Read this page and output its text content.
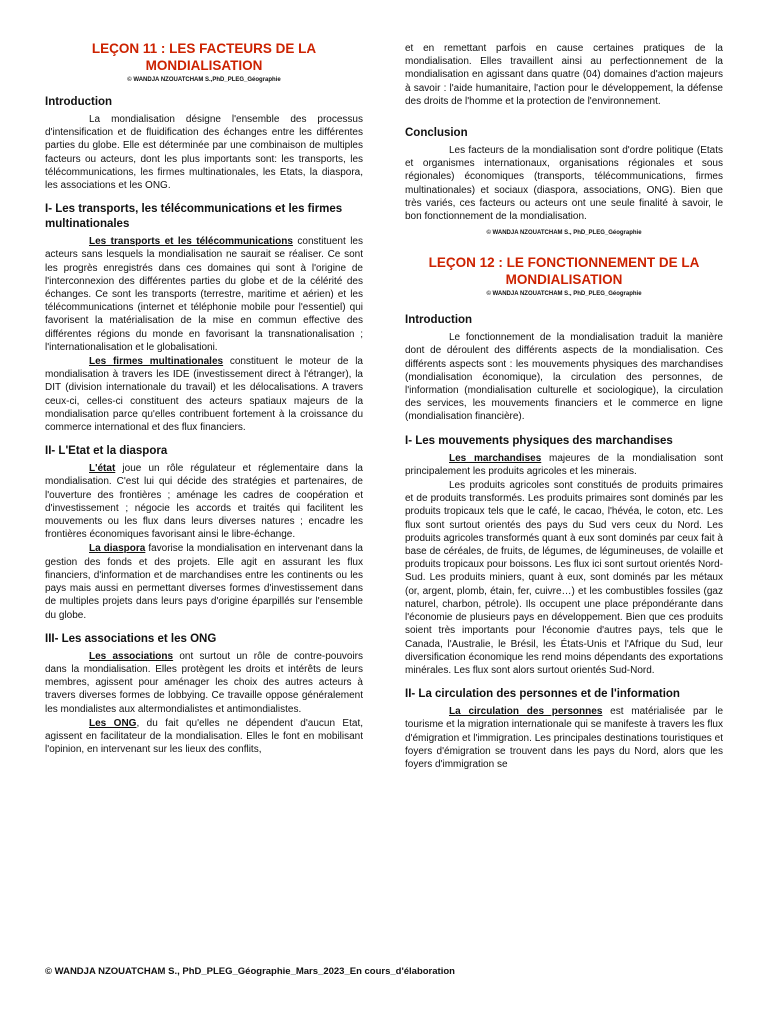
LEÇON 11 : LES FACTEURS DE LA MONDIALISATION
© WANDJA NZOUATCHAM S.,PhD_PLEG_Géographie
Introduction

La mondialisation désigne l'ensemble des processus d'intensification et de fluidification des échanges entre les différentes parties du globe. Elle est déterminée par une combinaison de multiples facteurs ou acteurs, dont les plus importants sont: les transports, les télécommunications, les firmes multinationales, les Etats, la diaspora, les associations et les ONG.

I- Les transports, les télécommunications et les firmes multinationales

Les transports et les télécommunications constituent les acteurs sans lesquels la mondialisation ne saurait se réaliser. Ce sont les progrès enregistrés dans ces domaines qui sont à l'origine de l'interconnexion des différentes parties du globe et de la célérité des échanges. Ce sont les transports (terrestre, maritime et aérien) et les télécommunications (internet et téléphonie mobile pour l'essentiel) qui favorisent la matérialisation de la mise en commun effective des différentes régions du monde en favorisant la transnationalisation ; l'internationalisation et le globalisationi.

Les firmes multinationales constituent le moteur de la mondialisation à travers les IDE (investissement direct à l'étranger), la DIT (division internationale du travail) et les délocalisations. A travers ceux-ci, celles-ci constituent des acteurs spatiaux majeurs de la mondialisation parce qu'elles contribuent fortement à la croissance du commerce international et des flux financiers.

II- L'Etat et la diaspora

L'état joue un rôle régulateur et réglementaire dans la mondialisation. C'est lui qui décide des stratégies et partenaires, de l'ouverture des frontières ; aménage les cadres de coopération et d'investissement ; négocie les accords et traités qui facilitent les mouvements ou les flux dans leurs diverses natures ; encadre les frontières économiques favorisant ainsi le libre-échange.

La diaspora favorise la mondialisation en intervenant dans la gestion des fonds et des projets. Elle agit en assurant les flux financiers, d'information et de marchandises entre les continents ou les pays mais aussi en permettant diverses formes d'investissement dans de multiples projets dans leurs pays d'origine éparpillés sur l'ensemble du globe.

III- Les associations et les ONG

Les associations ont surtout un rôle de contre-pouvoirs dans la mondialisation. Elles protègent les droits et intérêts de leurs membres, agissent pour aménager les choix des autres acteurs à travers diverses formes de lobbying. Ce travaille oppose généralement les mondialistes aux altermondialistes et antimondialistes.

Les ONG, du fait qu'elles ne dépendent d'aucun Etat, agissent en facilitateur de la mondialisation. Elles le font en mobilisant l'opinion, en intervenant sur les lieux des conflits,

et en remettant parfois en cause certaines pratiques de la mondialisation. Elles travaillent ainsi au perfectionnement de la mondialisation en agissant dans quatre (04) domaines d'action majeurs à savoir : l'aide humanitaire, l'action pour le développement, la défense des droits de l'homme et la protection de l'environnement.

Conclusion

Les facteurs de la mondialisation sont d'ordre politique (Etats et organismes internationaux, organisations régionales et sous régionales) économiques (transports, télécommunications, firmes multinationales) et sociaux (diaspora, associations, ONG). Bien que très variés, ces facteurs ou acteurs ont une seule finalité à savoir, le bon fonctionnement de la mondialisation.

© WANDJA NZOUATCHAM S., PhD_PLEG_Géographie
LEÇON 12 : LE FONCTIONNEMENT DE LA MONDIALISATION
© WANDJA NZOUATCHAM S., PhD_PLEG_Géographie
Introduction

Le fonctionnement de la mondialisation traduit la manière dont de déroulent des différents aspects de la mondialisation. Ces différents aspects sont : les mouvements physiques des marchandises (mondialisation économique), la circulation des personnes, de l'information (mondialisation culturelle et sociologique), la circulation des services, les mouvements financiers et le commerce en ligne (mondialisation financière).

I- Les mouvements physiques des marchandises

Les marchandises majeures de la mondialisation sont principalement les produits agricoles et les minerais.

Les produits agricoles sont constitués de produits primaires et de produits transformés. Les produits primaires sont dominés par les produits tropicaux tels que le café, le cacao, l'hévéa, le coton, etc. Les flux sont surtout orientés des pays du Sud vers ceux du Nord. Les produits agricoles transformés quant à eux sont dominés par ceux fait à base de céréales, de fruits, de légumes, de légumineuses, de volaille et produits tropicaux pour boissons. Les flux ici sont surtout orientés Nord-Sud. Les produits miniers, quant à eux, sont dominés par les métaux (or, argent, plomb, étain, fer, cuivre…) et les combustibles fossiles (gaz naturel, charbon, pétrole). Ils occupent une place prépondérante dans l'économie de plusieurs pays en développement. Bien que ces produits soient très importants pour l'économie d'autres pays, tels que le Canada, l'Australie, le Brésil, les États-Unis et l'Afrique du Sud, leur diversification économique les rend moins dépendants des exportations minérales. Les flux sont alors surtout orientés Sud-Nord.

II- La circulation des personnes et de l'information

La circulation des personnes est matérialisée par le tourisme et la migration internationale qui se manifeste à travers les flux d'émigration et l'immigration. Les principales destinations touristiques et foyers d'émigration se trouvent dans les pays du Nord, alors que les foyers d'immigration se

© WANDJA NZOUATCHAM S., PhD_PLEG_Géographie_Mars_2023_En cours_d'élaboration
